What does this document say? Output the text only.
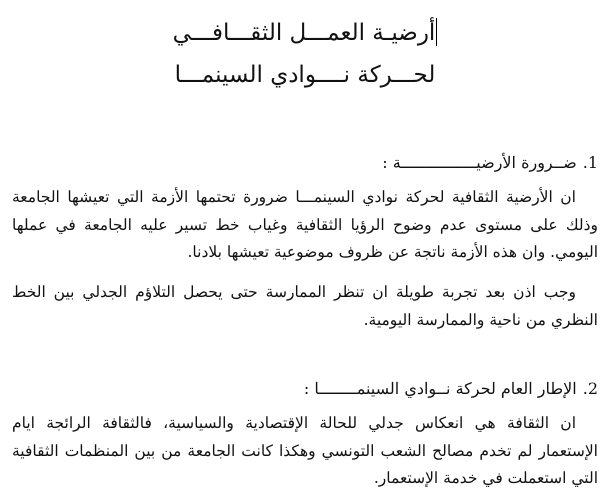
أرضيـة العمـــل الثقـــافـــي
لحـــركة نــــوادي السينمـــا
1.ضــرورة الأرضيــــــــــــــــة :

ان الأرضية الثقافية لحركة نوادي السينمـــا ضرورة تحتمها الأزمة التي تعيشها الجامعة وذلك على مستوى عدم وضوح الرؤيا الثقافية وغياب خط تسير عليه الجامعة في عملها اليومي. وان هذه الأزمة ناتجة عن ظروف موضوعية تعيشها بلادنا.

وجب اذن بعد تجربة طويلة ان تنظر الممارسة حتى يحصل التلاؤم الجدلي بين الخط النظري من ناحية والممارسة اليومية.

2.الإطار العام لحركة نــوادي السينمــــــــا :

ان الثقافة هي انعكاس جدلي للحالة الإقتصادية والسياسية، فالثقافة الرائجة ايام الإستعمار لم تخدم مصالح الشعب التونسي وهكذا كانت الجامعة من بين المنظمات الثقافية التي استعملت في خدمة الإستعمار.
